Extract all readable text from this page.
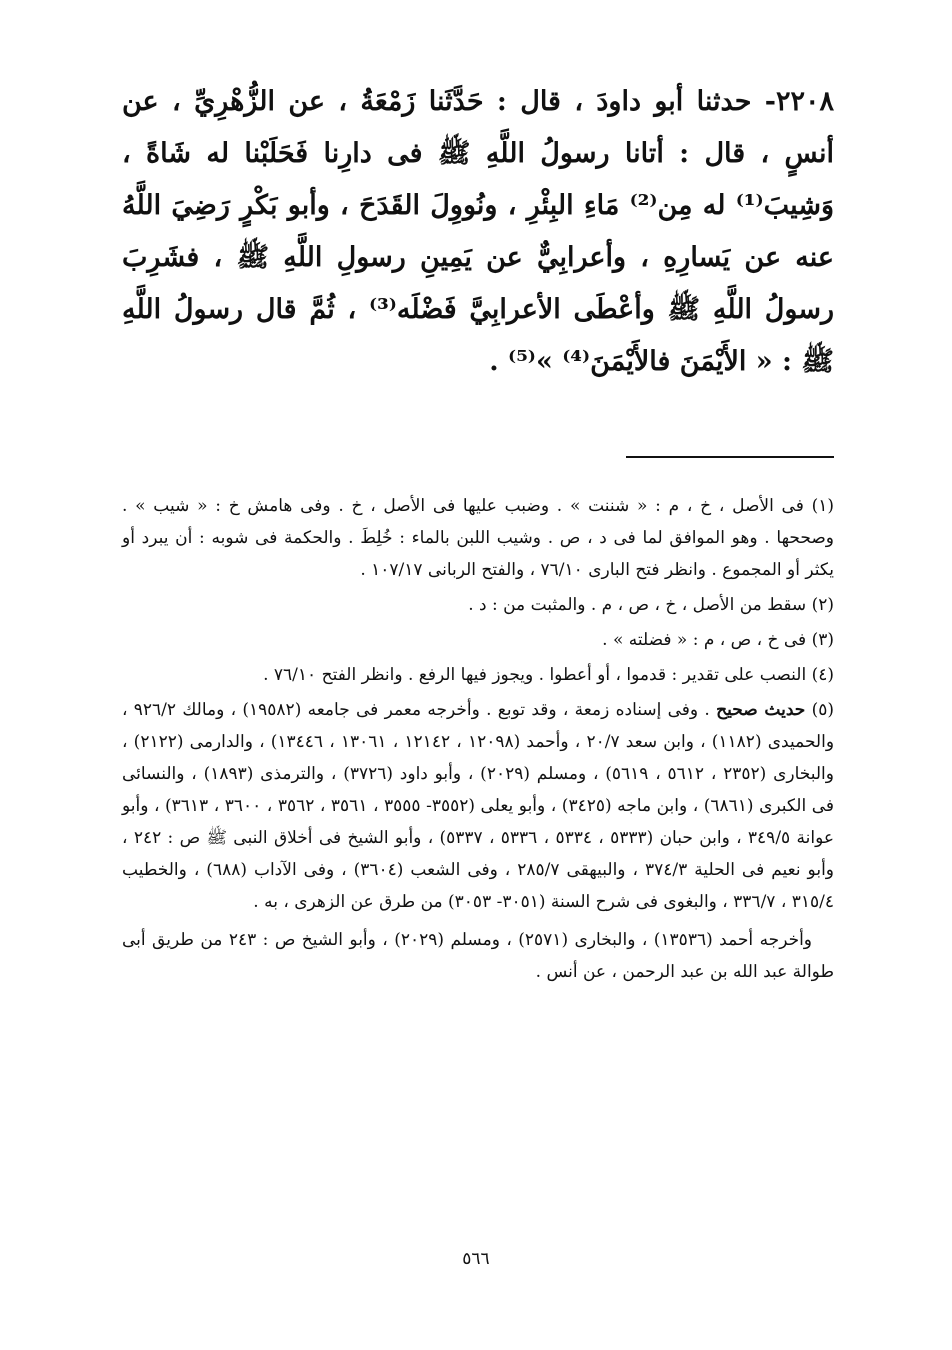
٢٢٠٨- حدثنا أبو داودَ ، قال : حَدَّثَنا زَمْعَةُ ، عن الزُّهْرِيِّ ، عن أنسٍ ، قال : أتانا رسولُ اللَّهِ ﷺ فى دارِنا فَحَلَبْنا له شَاةً ، وَشِيبَ⁽¹⁾ له مِن⁽²⁾ مَاءِ البِئْرِ ، ونُووِلَ القَدَحَ ، وأبو بَكْرٍ رَضِيَ اللَّهُ عنه عن يَسارِهِ ، وأعرابِيٌّ عن يَمِينِ رسولِ اللَّهِ ﷺ ، فشَرِبَ رسولُ اللَّهِ ﷺ وأعْطَى الأعرابِيَّ فَضْلَه⁽³⁾ ، ثُمَّ قال رسولُ اللَّهِ ﷺ : « الأَيْمَنَ فالأَيْمَنَ⁽⁴⁾ »⁽⁵⁾ .

(١) فى الأصل ، خ ، م : « شننت » . وضبب عليها فى الأصل ، خ . وفى هامش خ : « شيب » . وصححها . وهو الموافق لما فى د ، ص . وشيب اللبن بالماء : خُلِطَ . والحكمة فى شوبه : أن يبرد أو يكثر أو المجموع . وانظر فتح البارى ٧٦/١٠ ، والفتح الربانى ١٠٧/١٧ .

(٢) سقط من الأصل ، خ ، ص ، م . والمثبت من : د .

(٣) فى خ ، ص ، م : « فضلته » .

(٤) النصب على تقدير : قدموا ، أو أعطوا . ويجوز فيها الرفع . وانظر الفتح ٧٦/١٠ .

(٥) حديث صحيح . وفى إسناده زمعة ، وقد توبع . وأخرجه معمر فى جامعه (١٩٥٨٢) ، ومالك ٩٢٦/٢ ، والحميدى (١١٨٢) ، وابن سعد ٢٠/٧ ، وأحمد (١٢٠٩٨ ، ١٢١٤٢ ، ١٣٠٦١ ، ١٣٤٤٦) ، والدارمى (٢١٢٢) ، والبخارى (٢٣٥٢ ، ٥٦١٢ ، ٥٦١٩) ، ومسلم (٢٠٢٩) ، وأبو داود (٣٧٢٦) ، والترمذى (١٨٩٣) ، والنسائى فى الكبرى (٦٨٦١) ، وابن ماجه (٣٤٢٥) ، وأبو يعلى (٣٥٥٢- ٣٥٥٥ ، ٣٥٦١ ، ٣٥٦٢ ، ٣٦٠٠ ، ٣٦١٣) ، وأبو عوانة ٣٤٩/٥ ، وابن حبان (٥٣٣٣ ، ٥٣٣٤ ، ٥٣٣٦ ، ٥٣٣٧) ، وأبو الشيخ فى أخلاق النبى ﷺ ص : ٢٤٢ ، وأبو نعيم فى الحلية ٣٧٤/٣ ، والبيهقى ٢٨٥/٧ ، وفى الشعب (٣٦٠٤) ، وفى الآداب (٦٨٨) ، والخطيب ٣١٥/٤ ، ٣٣٦/٧ ، والبغوى فى شرح السنة (٣٠٥١- ٣٠٥٣) من طرق عن الزهرى ، به .

وأخرجه أحمد (١٣٥٣٦) ، والبخارى (٢٥٧١) ، ومسلم (٢٠٢٩) ، وأبو الشيخ ص : ٢٤٣ من طريق أبى طوالة عبد الله بن عبد الرحمن ، عن أنس .

٥٦٦
